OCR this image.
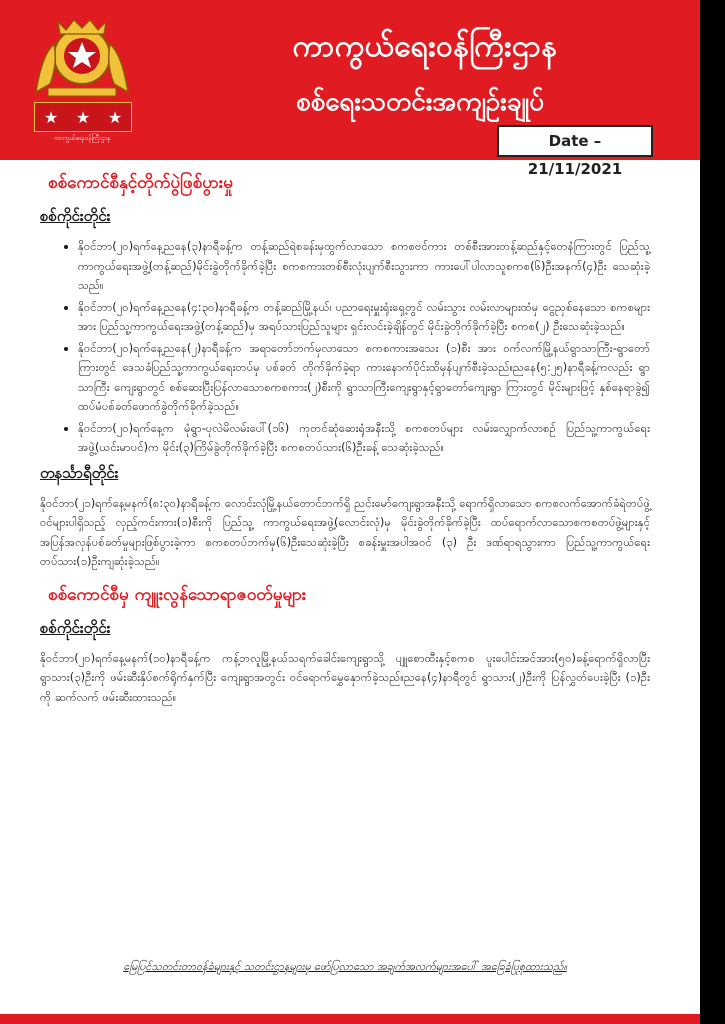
★ ★ ★
ကာကွယ်ရေးဝန်ကြီးဌာန
ကာကွယ်ရေးဝန်ကြီးဌာန
စစ်ရေးသတင်းအကျဉ်းချုပ်
Date – 21/11/2021
စစ်ကောင်စီနှင့်တိုက်ပွဲဖြစ်ပွားမှု
စစ်ကိုင်းတိုင်း
• နိုဝင်ဘာ(၂၀)ရက်နေ့ညနေ(၃)နာရီခန့်က တန့်ဆည်ရဲစခန်းမှထွက်လာသော စကစဗင်ကား တစ်စီးအားတန့်ဆည်နှင့်တေနံကြားတွင် ပြည်သူ့ကာကွယ်ရေးအဖွဲ့(တန့်ဆည်)မိုင်းခွဲတိုက်ခိုက်ခဲ့ပြီး စကစကားတစ်စီးလုံးပျက်စီးသွားကာ ကားပေါ်ပါလာသူစကစ(၆)ဦးအနက်(၄)ဦး သေဆုံးခဲ့သည်။
• နိုဝင်ဘာ(၂၀)ရက်နေ့ညနေ(၄:၃၀)နာရီခန့်က တန့်ဆည်မြို့နယ်၊ ပညာရေးမှူးရုံးရှေ့တွင် လမ်းသွား လမ်းလာများထံမှ ငွေညှစ်နေသော စကစများအား ပြည်သူ့ကာကွယ်ရေးအဖွဲ့(တန့်ဆည်)မှ အရပ်သားပြည်သူများ ရှင်းလင်းခဲ့ချိန်တွင် မိုင်းခွဲတိုက်ခိုက်ခဲ့ပြီး စကစ(၂) ဦးသေဆုံးခဲ့သည်။
• နိုဝင်ဘာ(၂၀)ရက်နေ့ညနေ(၂)နာရီခန့်က အရာတော်ဘက်မှလာသော စကစကားအသေး (၁)စီး အား ဝက်လက်မြို့နယ်ရွာသာကြီး-ရွာတော်ကြားတွင် ဒေသခံပြည်သူ့ကာကွယ်ရေးတပ်မှ ပစ်ခတ် တိုက်ခိုက်ခဲ့ရာ ကားနောက်ပိုင်းထိမှန်ပျက်စီးခဲ့သည်။ညနေ(၅:၂၅)နာရီခန့်ကလည်း ရွာသာကြီး ကျေးရွာတွင် စစ်ဆေးပြီးပြန်လာသောစကစကား(၂)စီးကို ရွာသာကြီးကျေးရွာနှင့်ရွာတော်ကျေးရွာ ကြားတွင် မိုင်းများဖြင့် နှစ်နေရာခွဲ၍ ထပ်မံပစ်ခတ်ဖောက်ခွဲတိုက်ခိုက်ခဲ့သည်။
• နိုဝင်ဘာ(၂၀)ရက်နေ့က မုံရွာ-ပုလဲမိလမ်းပေါ်(၁၆) ကုတင်ဆုံဆေးရုံအနီးသို့ စကစတပ်များ လမ်းလျှောက်လာစဉ် ပြည်သူ့ကာကွယ်ရေးအဖွဲ့(ယင်းမာပင်)က မိုင်း(၃)ကြိမ်ခွဲတိုက်ခိုက်ခဲ့ပြီး စကစတပ်သား(၆)ဦးခန့် သေဆုံးခဲ့သည်။
တနင်္သာရီတိုင်း

နိုဝင်ဘာ(၂၁)ရက်နေ့မနက်(၈:၃၀)နာရီခန့်က လောင်းလုံမြို့နယ်တောင်ဘက်ရှိ ညင်းမော်ကျေးရွာအနီးသို့ ရောက်ရှိလာသော စကစလက်အောက်ခံရဲတပ်ဖွဲ့ဝင်များပါရှိသည့် လှည့်ကင်းကား(၁)စီးကို ပြည်သူ့ ကာကွယ်ရေးအဖွဲ့(လောင်းလုံ)မှ မိုင်းခွဲတိုက်ခိုက်ခဲ့ပြီး ထပ်ရောက်လာသောစကစတပ်ဖွဲ့များနှင့် အပြန်အလှန်ပစ်ခတ်မှုများဖြစ်ပွားခဲ့ကာ စကစတပ်ဘက်မှ(၆)ဦးသေဆုံးခဲ့ပြီး စခန်းမှူးအပါအဝင် (၃) ဦး ဒဏ်ရာရသွားကာ ပြည်သူ့ကာကွယ်ရေးတပ်သား(၁)ဦးကျဆုံးခဲ့သည်။

စစ်ကောင်စီမှ ကျူးလွန်သောရာဇဝတ်မှုများ
စစ်ကိုင်းတိုင်း

နိုဝင်ဘာ(၂၀)ရက်နေ့မနက်(၁၀)နာရီခန့်က ကန့်ဘလူမြို့နယ်သရက်ခေါင်းကျေးရွာသို့ ပျူစောထီးနှင့်စကစ ပူးပေါင်းအင်အား(၅၀)ခန့်ရောက်ရှိလာပြီး ရွာသား(၃)ဦးကို ဖမ်းဆီးနှိပ်စက်ရိုက်နှက်ပြီး ကျေးရွာအတွင်း ဝင်ရောက်မွှေနှောက်ခဲ့သည်။ညနေ(၄)နာရီတွင် ရွာသား(၂)ဦးကို ပြန်လွှတ်ပေးခဲ့ပြီး (၁)ဦးကို ဆက်လက် ဖမ်းဆီးထားသည်။

မြေပြင်သတင်းတာဝန်ခံများနှင့် သတင်းဌာနများမှ ဖော်ပြလာသော အချက်အလက်များအပေါ် အခြေခံပြုစုထားသည်။
